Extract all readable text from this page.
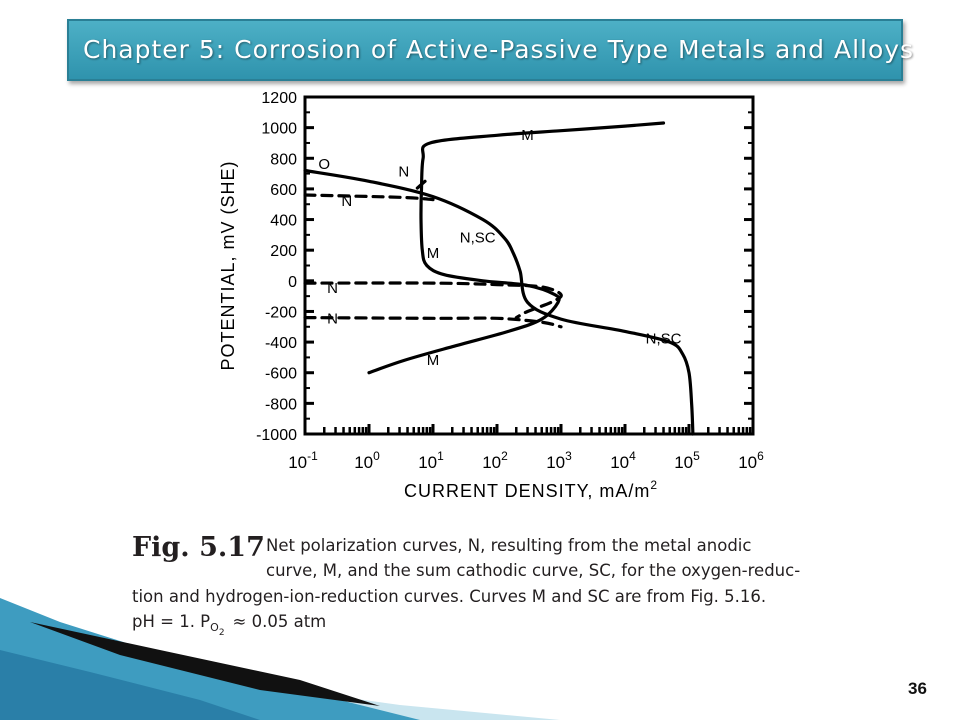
Chapter 5: Corrosion of Active-Passive Type Metals and Alloys
1200
1000
800
600
400
200
0
-200
-400
-600
-800
-1000
$10^{-1}$ $10^0$ $10^1$ $10^2$ $10^3$ $10^4$ $10^5$ $10^6$
CURRENT DENSITY, $mA/m^2$
POTENTIAL, mV (SHE)	O	N
N
M
N,SC
M
N
N
N,SC
M
Fig. 5.17 Net polarization curves, N, resulting from the metal anodic
curve, M, and the sum cathodic curve, SC, for the oxygen-reduc-
tion and hydrogen-ion-reduction curves. Curves M and SC are from Fig. 5.16.
pH = 1. $P_{O2}\approx 0.05$ atm
36
